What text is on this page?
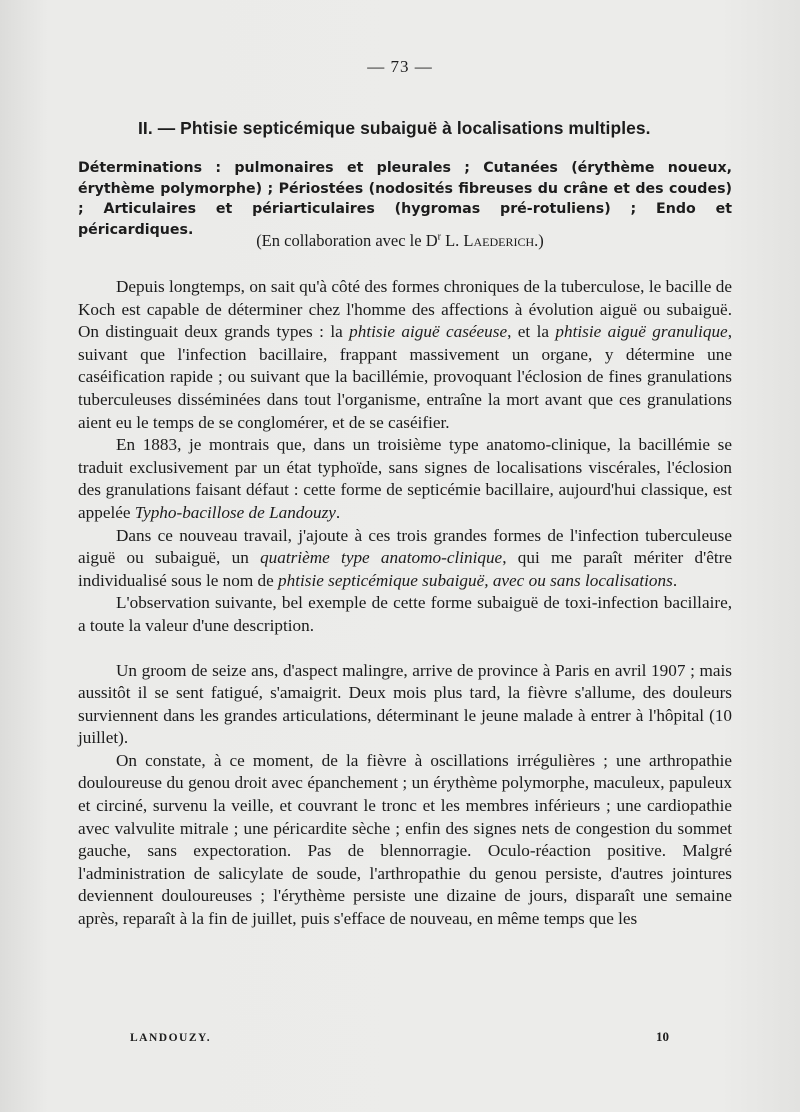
— 73 —
II. — Phtisie septicémique subaiguë à localisations multiples.
Déterminations : pulmonaires et pleurales ; Cutanées (érythème noueux, érythème polymorphe) ; Périostées (nodosités fibreuses du crâne et des coudes) ; Articulaires et périarticulaires (hygromas pré-rotuliens) ; Endo et péricardiques.
(En collaboration avec le $D^r$ L. Laederich.)

Depuis longtemps, on sait qu'à côté des formes chroniques de la tuberculose, le bacille de Koch est capable de déterminer chez l'homme des affections à évolution aiguë ou subaiguë. On distinguait deux grands types : la phtisie aiguë caséeuse, et la phtisie aiguë granulique, suivant que l'infection bacillaire, frappant massivement un organe, y détermine une caséification rapide ; ou suivant que la bacillémie, provoquant l'éclosion de fines granulations tuberculeuses disséminées dans tout l'organisme, entraîne la mort avant que ces granulations aient eu le temps de se conglomérer, et de se caséifier.

En 1883, je montrais que, dans un troisième type anatomo-clinique, la bacillémie se traduit exclusivement par un état typhoïde, sans signes de localisations viscérales, l'éclosion des granulations faisant défaut : cette forme de septicémie bacillaire, aujourd'hui classique, est appelée Typho-bacillose de Landouzy.

Dans ce nouveau travail, j'ajoute à ces trois grandes formes de l'infection tuberculeuse aiguë ou subaiguë, un quatrième type anatomo-clinique, qui me paraît mériter d'être individualisé sous le nom de phtisie septicémique subaiguë, avec ou sans localisations.

L'observation suivante, bel exemple de cette forme subaiguë de toxi-infection bacillaire, a toute la valeur d'une description.

Un groom de seize ans, d'aspect malingre, arrive de province à Paris en avril 1907 ; mais aussitôt il se sent fatigué, s'amaigrit. Deux mois plus tard, la fièvre s'allume, des douleurs surviennent dans les grandes articulations, déterminant le jeune malade à entrer à l'hôpital (10 juillet).

On constate, à ce moment, de la fièvre à oscillations irrégulières ; une arthropathie douloureuse du genou droit avec épanchement ; un érythème polymorphe, maculeux, papuleux et circiné, survenu la veille, et couvrant le tronc et les membres inférieurs ; une cardiopathie avec valvulite mitrale ; une péricardite sèche ; enfin des signes nets de congestion du sommet gauche, sans expectoration. Pas de blennorragie. Oculo-réaction positive. Malgré l'administration de salicylate de soude, l'arthropathie du genou persiste, d'autres jointures deviennent douloureuses ; l'érythème persiste une dizaine de jours, disparaît une semaine après, reparaît à la fin de juillet, puis s'efface de nouveau, en même temps que les

LANDOUZY.	10
